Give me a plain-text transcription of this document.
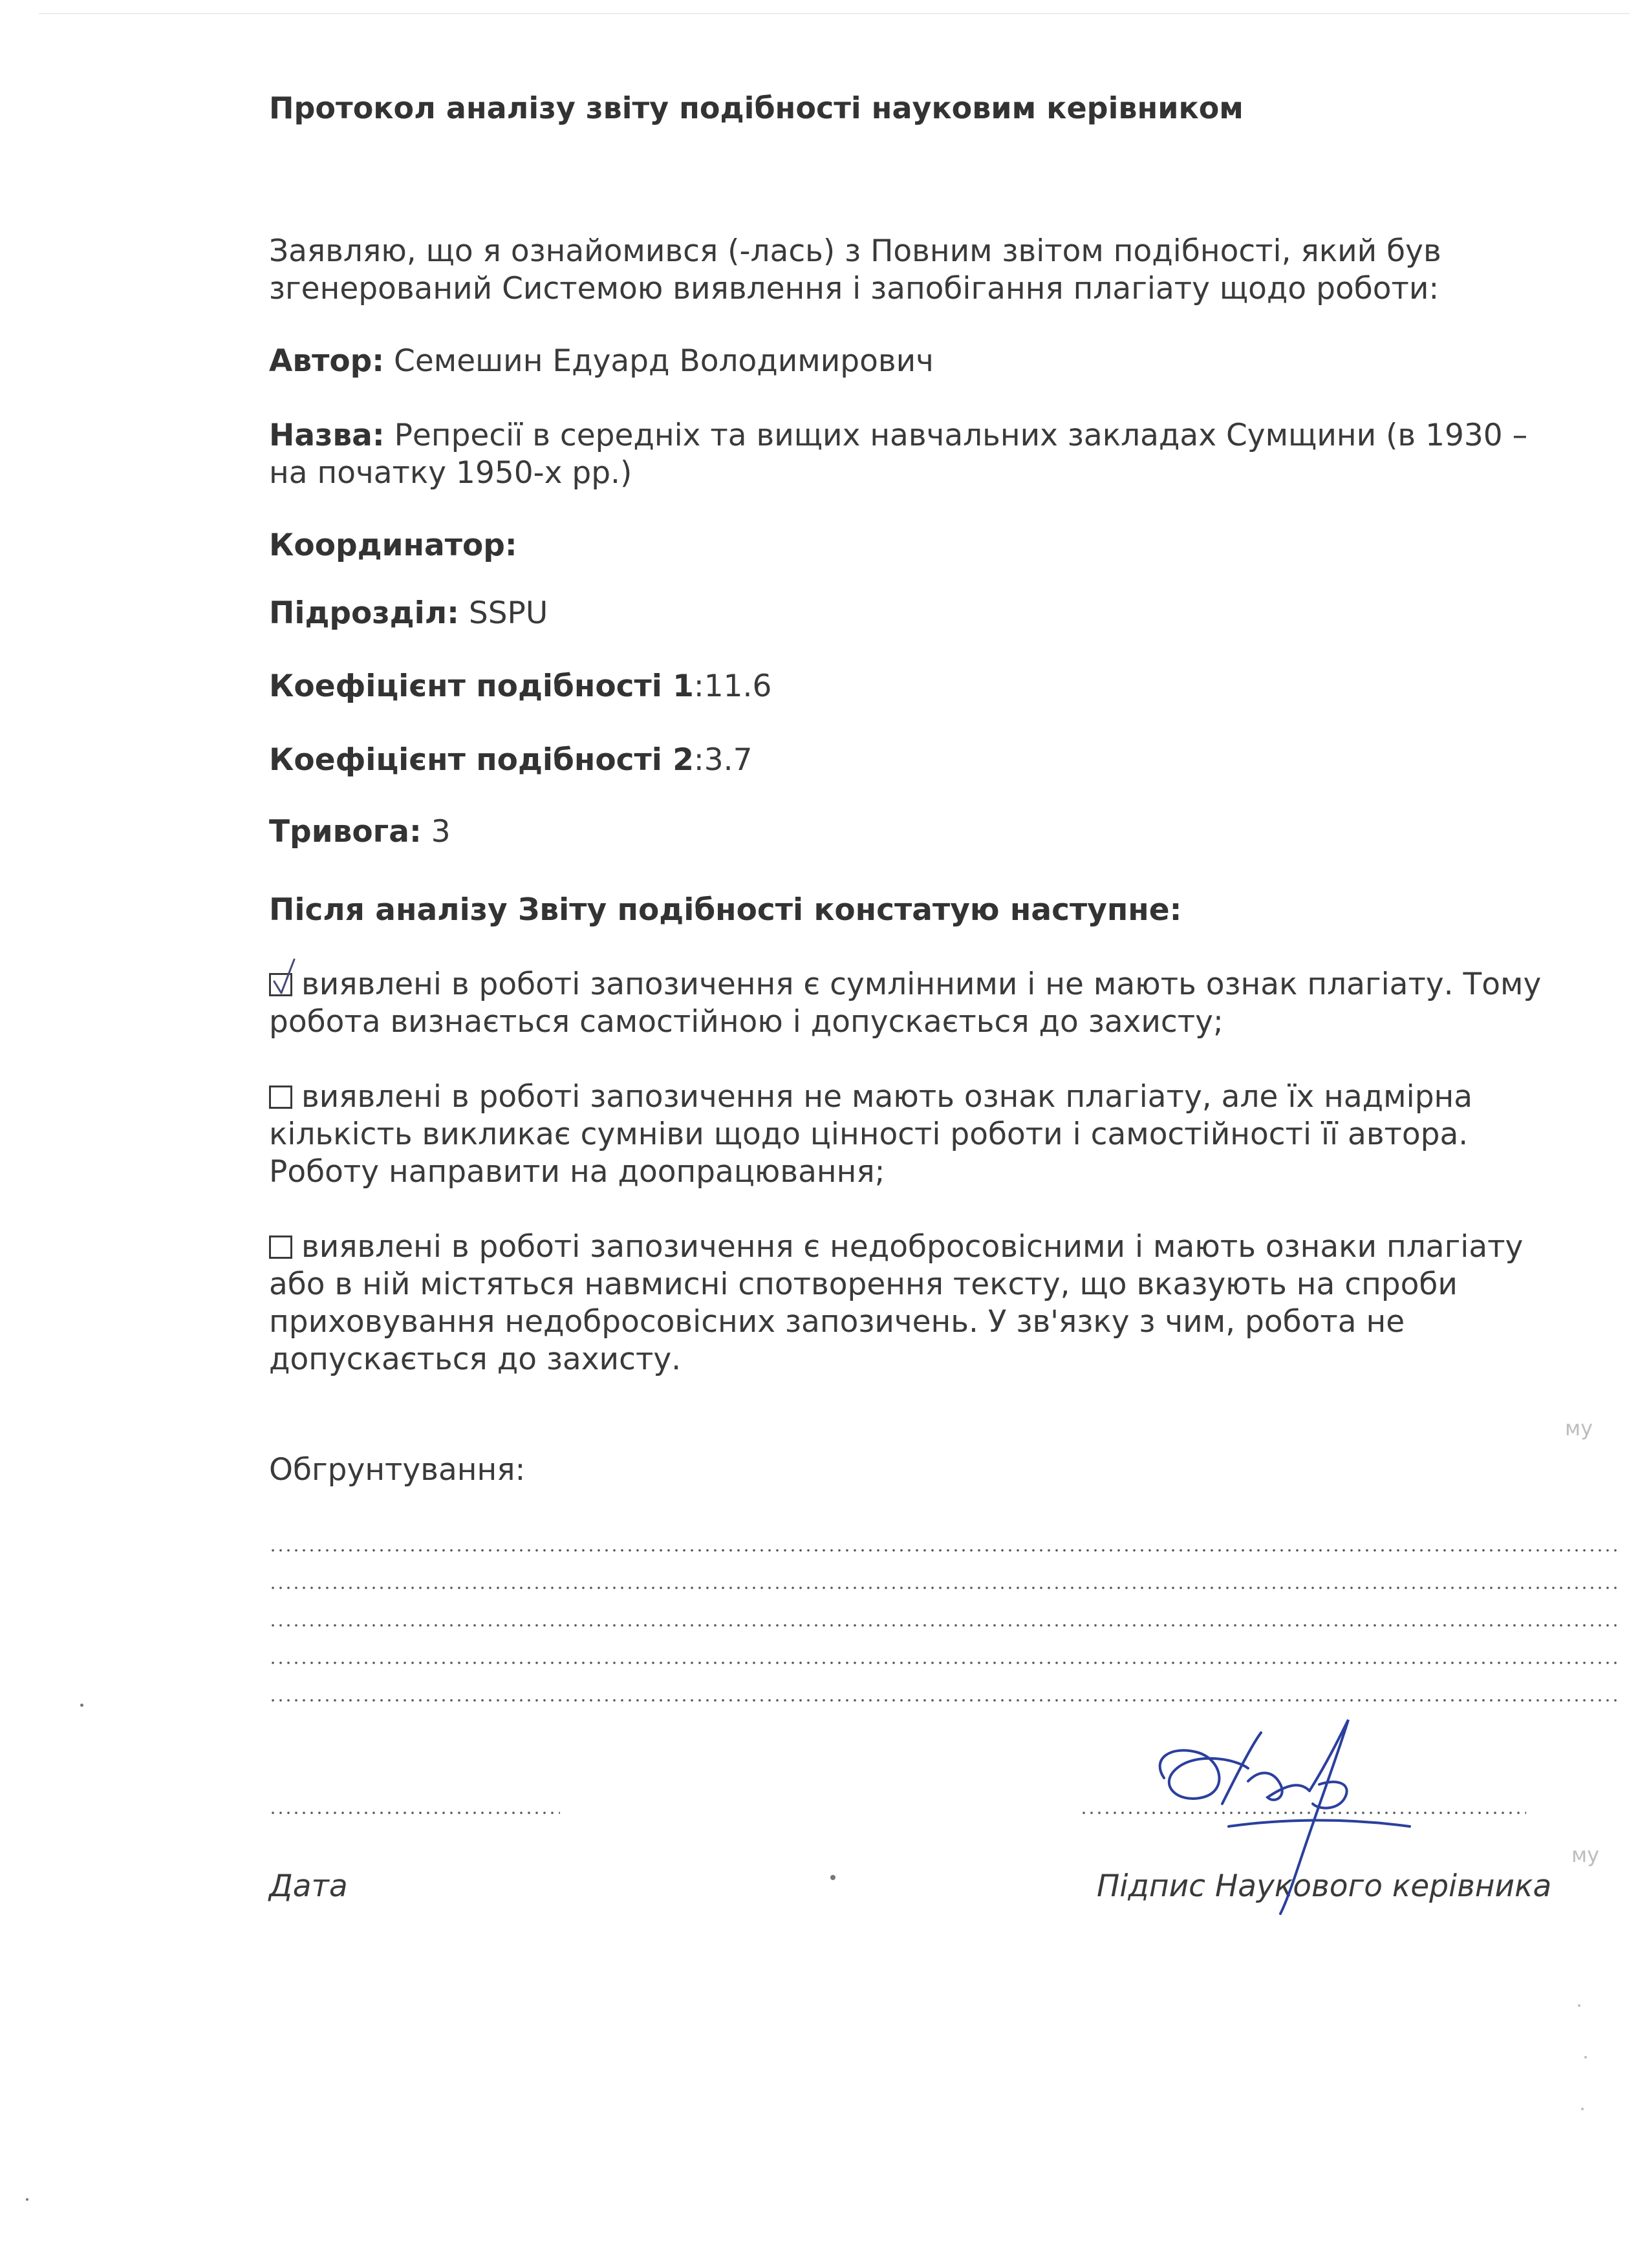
Протокол аналізу звіту подібності науковим керівником
Заявляю, що я ознайомився (-лась) з Повним звітом подібності, який був
згенерований Системою виявлення і запобігання плагіату щодо роботи:
Автор: Семешин Едуард Володимирович
Назва: Репресії в середніх та вищих навчальних закладах Сумщини (в 1930 –
на початку 1950-х рр.)
Координатор:
Підрозділ: SSPU
Коефіцієнт подібності 1:11.6
Коефіцієнт подібності 2:3.7
Тривога: 3
Після аналізу Звіту подібності констатую наступне:
виявлені в роботі запозичення є сумлінними і не мають ознак плагіату. Тому
робота визнається самостійною і допускається до захисту;
виявлені в роботі запозичення не мають ознак плагіату, але їх надмірна
кількість викликає сумніви щодо цінності роботи і самостійності її автора.
Роботу направити на доопрацювання;
виявлені в роботі запозичення є недобросовісними і мають ознаки плагіату
або в ній містяться навмисні спотворення тексту, що вказують на спроби
приховування недобросовісних запозичень. У зв'язку з чим, робота не
допускається до захисту.
Обгрунтування:
Дата	Підпис Наукового керівника
му
му
